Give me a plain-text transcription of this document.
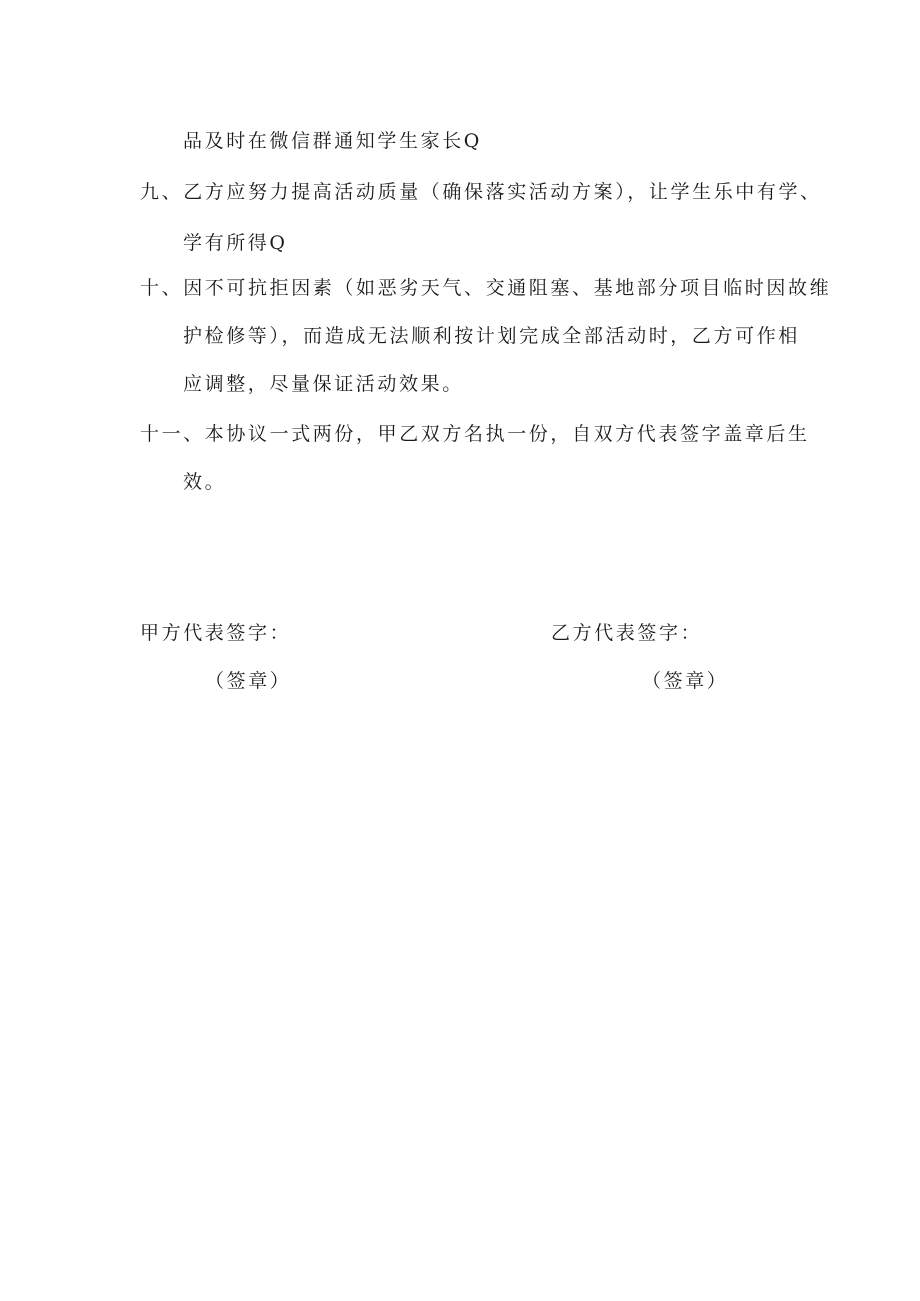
品及时在微信群通知学生家长Q
九、乙方应努力提高活动质量（确保落实活动方案），让学生乐中有学、
学有所得Q
十、因不可抗拒因素（如恶劣天气、交通阻塞、基地部分项目临时因故维
护检修等），而造成无法顺利按计划完成全部活动时，乙方可作相
应调整，尽量保证活动效果。
十一、本协议一式两份，甲乙双方名执一份，自双方代表签字盖章后生
效。
甲方代表签字：
（签章）
乙方代表签字：
（签章）
